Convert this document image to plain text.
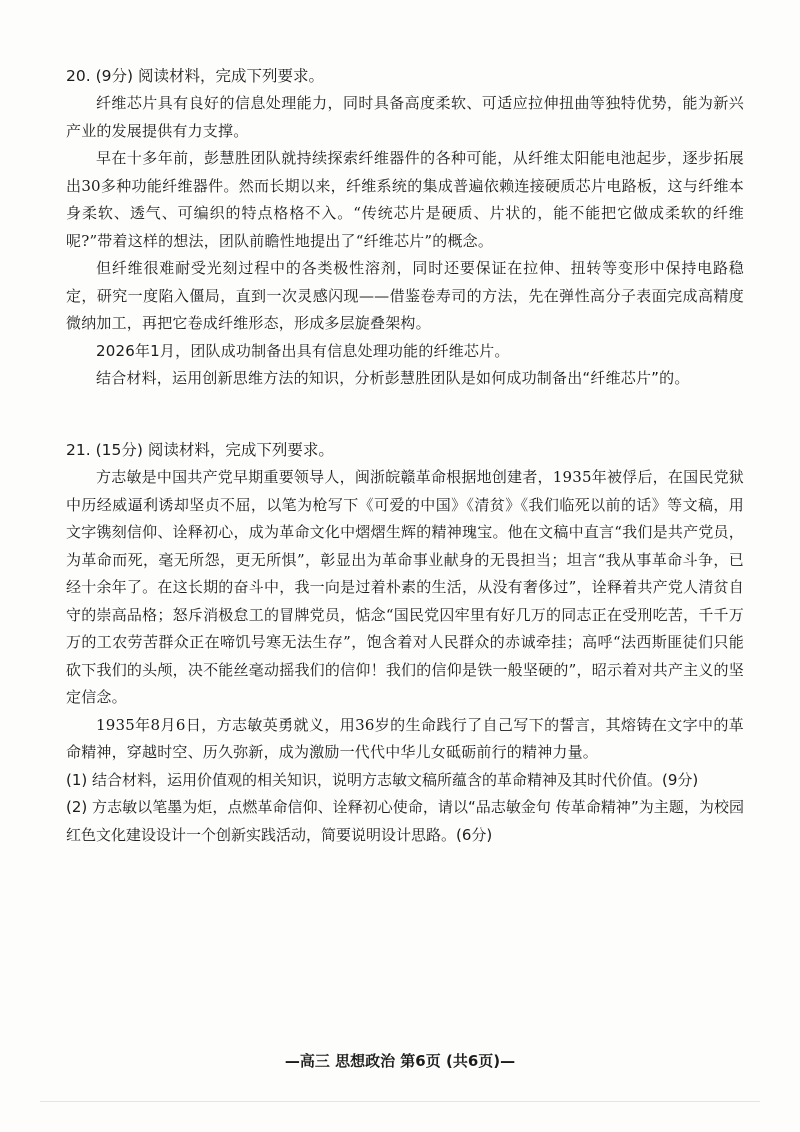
20. (9分) 阅读材料，完成下列要求。

纤维芯片具有良好的信息处理能力，同时具备高度柔软、可适应拉伸扭曲等独特优势，能为新兴产业的发展提供有力支撑。

早在十多年前，彭慧胜团队就持续探索纤维器件的各种可能，从纤维太阳能电池起步，逐步拓展出30多种功能纤维器件。然而长期以来，纤维系统的集成普遍依赖连接硬质芯片电路板，这与纤维本身柔软、透气、可编织的特点格格不入。“传统芯片是硬质、片状的，能不能把它做成柔软的纤维呢?”带着这样的想法，团队前瞻性地提出了“纤维芯片”的概念。

但纤维很难耐受光刻过程中的各类极性溶剂，同时还要保证在拉伸、扭转等变形中保持电路稳定，研究一度陷入僵局，直到一次灵感闪现——借鉴卷寿司的方法，先在弹性高分子表面完成高精度微纳加工，再把它卷成纤维形态，形成多层旋叠架构。

2026年1月，团队成功制备出具有信息处理功能的纤维芯片。

结合材料，运用创新思维方法的知识，分析彭慧胜团队是如何成功制备出“纤维芯片”的。

21. (15分) 阅读材料，完成下列要求。

方志敏是中国共产党早期重要领导人，闽浙皖赣革命根据地创建者，1935年被俘后，在国民党狱中历经威逼利诱却坚贞不屈，以笔为枪写下《可爱的中国》《清贫》《我们临死以前的话》等文稿，用文字镌刻信仰、诠释初心，成为革命文化中熠熠生辉的精神瑰宝。他在文稿中直言“我们是共产党员，为革命而死，毫无所怨，更无所惧”，彰显出为革命事业献身的无畏担当；坦言“我从事革命斗争，已经十余年了。在这长期的奋斗中，我一向是过着朴素的生活，从没有奢侈过”，诠释着共产党人清贫自守的崇高品格；怒斥消极怠工的冒牌党员，惦念“国民党囚牢里有好几万的同志正在受刑吃苦，千千万万的工农劳苦群众正在啼饥号寒无法生存”，饱含着对人民群众的赤诚牵挂；高呼“法西斯匪徒们只能砍下我们的头颅，决不能丝毫动摇我们的信仰！我们的信仰是铁一般坚硬的”，昭示着对共产主义的坚定信念。

1935年8月6日，方志敏英勇就义，用36岁的生命践行了自己写下的誓言，其熔铸在文字中的革命精神，穿越时空、历久弥新，成为激励一代代中华儿女砥砺前行的精神力量。

(1) 结合材料，运用价值观的相关知识，说明方志敏文稿所蕴含的革命精神及其时代价值。(9分)

(2) 方志敏以笔墨为炬，点燃革命信仰、诠释初心使命，请以“品志敏金句 传革命精神”为主题，为校园红色文化建设设计一个创新实践活动，简要说明设计思路。(6分)

—高三 思想政治 第6页 (共6页)—
